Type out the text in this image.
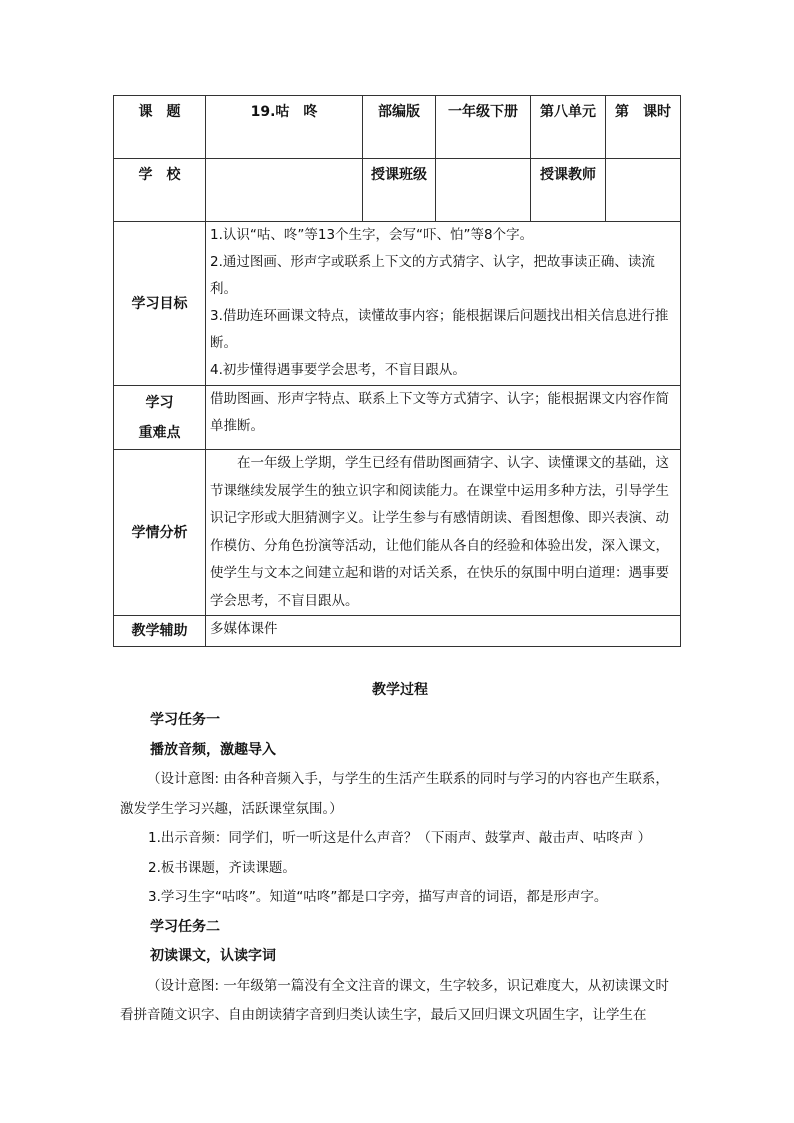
课　题	19.咕　咚	部编版	一年级下册	第八单元	第　课时
学　校		授课班级		授课教师	
学习目标	1.认识“咕、咚”等13个生字，会写“吓、怕”等8个字。
2.通过图画、形声字或联系上下文的方式猜字、认字，把故事读正确、读流利。
3.借助连环画课文特点，读懂故事内容；能根据课后问题找出相关信息进行推断。
4.初步懂得遇事要学会思考，不盲目跟从。				

学习
重难点	借助图画、形声字特点、联系上下文等方式猜字、认字；能根据课文内容作简单推断。				
学情分析	在一年级上学期，学生已经有借助图画猜字、认字、读懂课文的基础，这节课继续发展学生的独立识字和阅读能力。在课堂中运用多种方法，引导学生识记字形或大胆猜测字义。让学生参与有感情朗读、看图想像、即兴表演、动作模仿、分角色扮演等活动，让他们能从各自的经验和体验出发，深入课文，使学生与文本之间建立起和谐的对话关系，在快乐的氛围中明白道理：遇事要学会思考，不盲目跟从。				
教学辅助	多媒体课件				
教学过程
学习任务一
播放音频，激趣导入
（设计意图: 由各种音频入手，与学生的生活产生联系的同时与学习的内容也产生联系，激发学生学习兴趣，活跃课堂氛围。）
1.出示音频：同学们，听一听这是什么声音？（下雨声、鼓掌声、敲击声、咕咚声 ）
2.板书课题，齐读课题。
3.学习生字“咕咚”。知道“咕咚”都是口字旁，描写声音的词语，都是形声字。
学习任务二
初读课文，认读字词
（设计意图: 一年级第一篇没有全文注音的课文，生字较多，识记难度大，从初读课文时看拼音随文识字、自由朗读猜字音到归类认读生字，最后又回归课文巩固生字，让学生在
